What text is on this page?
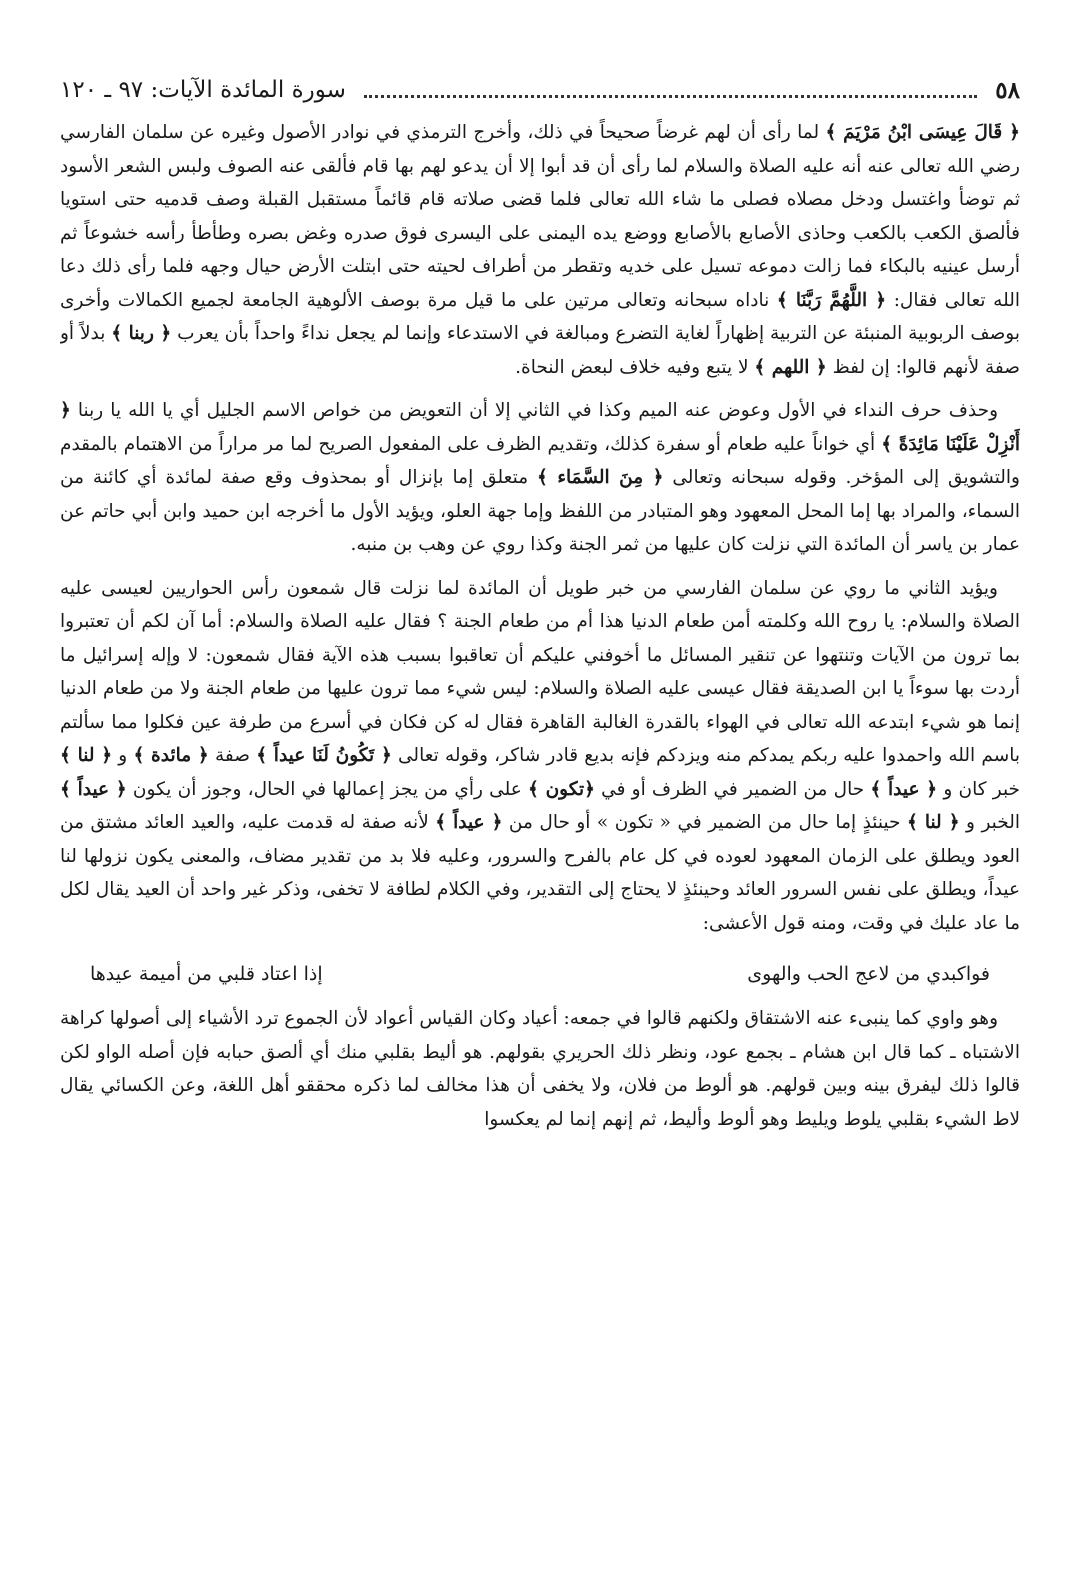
٥٨
سورة المائدة الآيات: ٩٧ ـ ١٢٠

﴿ قَالَ عِيسَى ابْنُ مَرْيَمَ ﴾ لما رأى أن لهم غرضاً صحيحاً في ذلك، وأخرج الترمذي في نوادر الأصول وغيره عن سلمان الفارسي رضي الله تعالى عنه أنه عليه الصلاة والسلام لما رأى أن قد أبوا إلا أن يدعو لهم بها قام فألقى عنه الصوف ولبس الشعر الأسود ثم توضأ واغتسل ودخل مصلاه فصلى ما شاء الله تعالى فلما قضى صلاته قام قائماً مستقبل القبلة وصف قدميه حتى استويا فألصق الكعب بالكعب وحاذى الأصابع بالأصابع ووضع يده اليمنى على اليسرى فوق صدره وغض بصره وطأطأ رأسه خشوعاً ثم أرسل عينيه بالبكاء فما زالت دموعه تسيل على خديه وتقطر من أطراف لحيته حتى ابتلت الأرض حيال وجهه فلما رأى ذلك دعا الله تعالى فقال: ﴿ اللَّهُمَّ رَبَّنَا ﴾ ناداه سبحانه وتعالى مرتين على ما قيل مرة بوصف الألوهية الجامعة لجميع الكمالات وأخرى بوصف الربوبية المنبئة عن التربية إظهاراً لغاية التضرع ومبالغة في الاستدعاء وإنما لم يجعل نداءً واحداً بأن يعرب ﴿ ربنا ﴾ بدلاً أو صفة لأنهم قالوا: إن لفظ ﴿ اللهم ﴾ لا يتبع وفيه خلاف لبعض النحاة.

وحذف حرف النداء في الأول وعوض عنه الميم وكذا في الثاني إلا أن التعويض من خواص الاسم الجليل أي يا الله يا ربنا ﴿ أَنْزِلْ عَلَيْنَا مَائِدَةً ﴾ أي خواناً عليه طعام أو سفرة كذلك، وتقديم الظرف على المفعول الصريح لما مر مراراً من الاهتمام بالمقدم والتشويق إلى المؤخر. وقوله سبحانه وتعالى ﴿ مِنَ السَّمَاء ﴾ متعلق إما بإنزال أو بمحذوف وقع صفة لمائدة أي كائنة من السماء، والمراد بها إما المحل المعهود وهو المتبادر من اللفظ وإما جهة العلو، ويؤيد الأول ما أخرجه ابن حميد وابن أبي حاتم عن عمار بن ياسر أن المائدة التي نزلت كان عليها من ثمر الجنة وكذا روي عن وهب بن منبه.

ويؤيد الثاني ما روي عن سلمان الفارسي من خبر طويل أن المائدة لما نزلت قال شمعون رأس الحواريين لعيسى عليه الصلاة والسلام: يا روح الله وكلمته أمن طعام الدنيا هذا أم من طعام الجنة ؟ فقال عليه الصلاة والسلام: أما آن لكم أن تعتبروا بما ترون من الآيات وتنتهوا عن تنقير المسائل ما أخوفني عليكم أن تعاقبوا بسبب هذه الآية فقال شمعون: لا وإله إسرائيل ما أردت بها سوءاً يا ابن الصديقة فقال عيسى عليه الصلاة والسلام: ليس شيء مما ترون عليها من طعام الجنة ولا من طعام الدنيا إنما هو شيء ابتدعه الله تعالى في الهواء بالقدرة الغالبة القاهرة فقال له كن فكان في أسرع من طرفة عين فكلوا مما سألتم باسم الله واحمدوا عليه ربكم يمدكم منه ويزدكم فإنه بديع قادر شاكر، وقوله تعالى ﴿ تَكُونُ لَنَا عيداً ﴾ صفة ﴿ مائدة ﴾ و ﴿ لنا ﴾ خبر كان و ﴿ عيداً ﴾ حال من الضمير في الظرف أو في ﴿تكون ﴾ على رأي من يجز إعمالها في الحال، وجوز أن يكون ﴿ عيداً ﴾ الخبر و ﴿ لنا ﴾ حينئذٍ إما حال من الضمير في « تكون » أو حال من ﴿ عيداً ﴾ لأنه صفة له قدمت عليه، والعيد العائد مشتق من العود ويطلق على الزمان المعهود لعوده في كل عام بالفرح والسرور، وعليه فلا بد من تقدير مضاف، والمعنى يكون نزولها لنا عيداً، ويطلق على نفس السرور العائد وحينئذٍ لا يحتاج إلى التقدير، وفي الكلام لطافة لا تخفى، وذكر غير واحد أن العيد يقال لكل ما عاد عليك في وقت، ومنه قول الأعشى:

فواكبدي من لاعج الحب والهوى
إذا اعتاد قلبي من أميمة عيدها

وهو واوي كما ينبىء عنه الاشتقاق ولكنهم قالوا في جمعه: أعياد وكان القياس أعواد لأن الجموع ترد الأشياء إلى أصولها كراهة الاشتباه ـ كما قال ابن هشام ـ بجمع عود، ونظر ذلك الحريري بقولهم. هو أليط بقلبي منك أي ألصق حبابه فإن أصله الواو لكن قالوا ذلك ليفرق بينه وبين قولهم. هو ألوط من فلان، ولا يخفى أن هذا مخالف لما ذكره محققو أهل اللغة، وعن الكسائي يقال لاط الشيء بقلبي يلوط ويليط وهو ألوط وأليط، ثم إنهم إنما لم يعكسوا
